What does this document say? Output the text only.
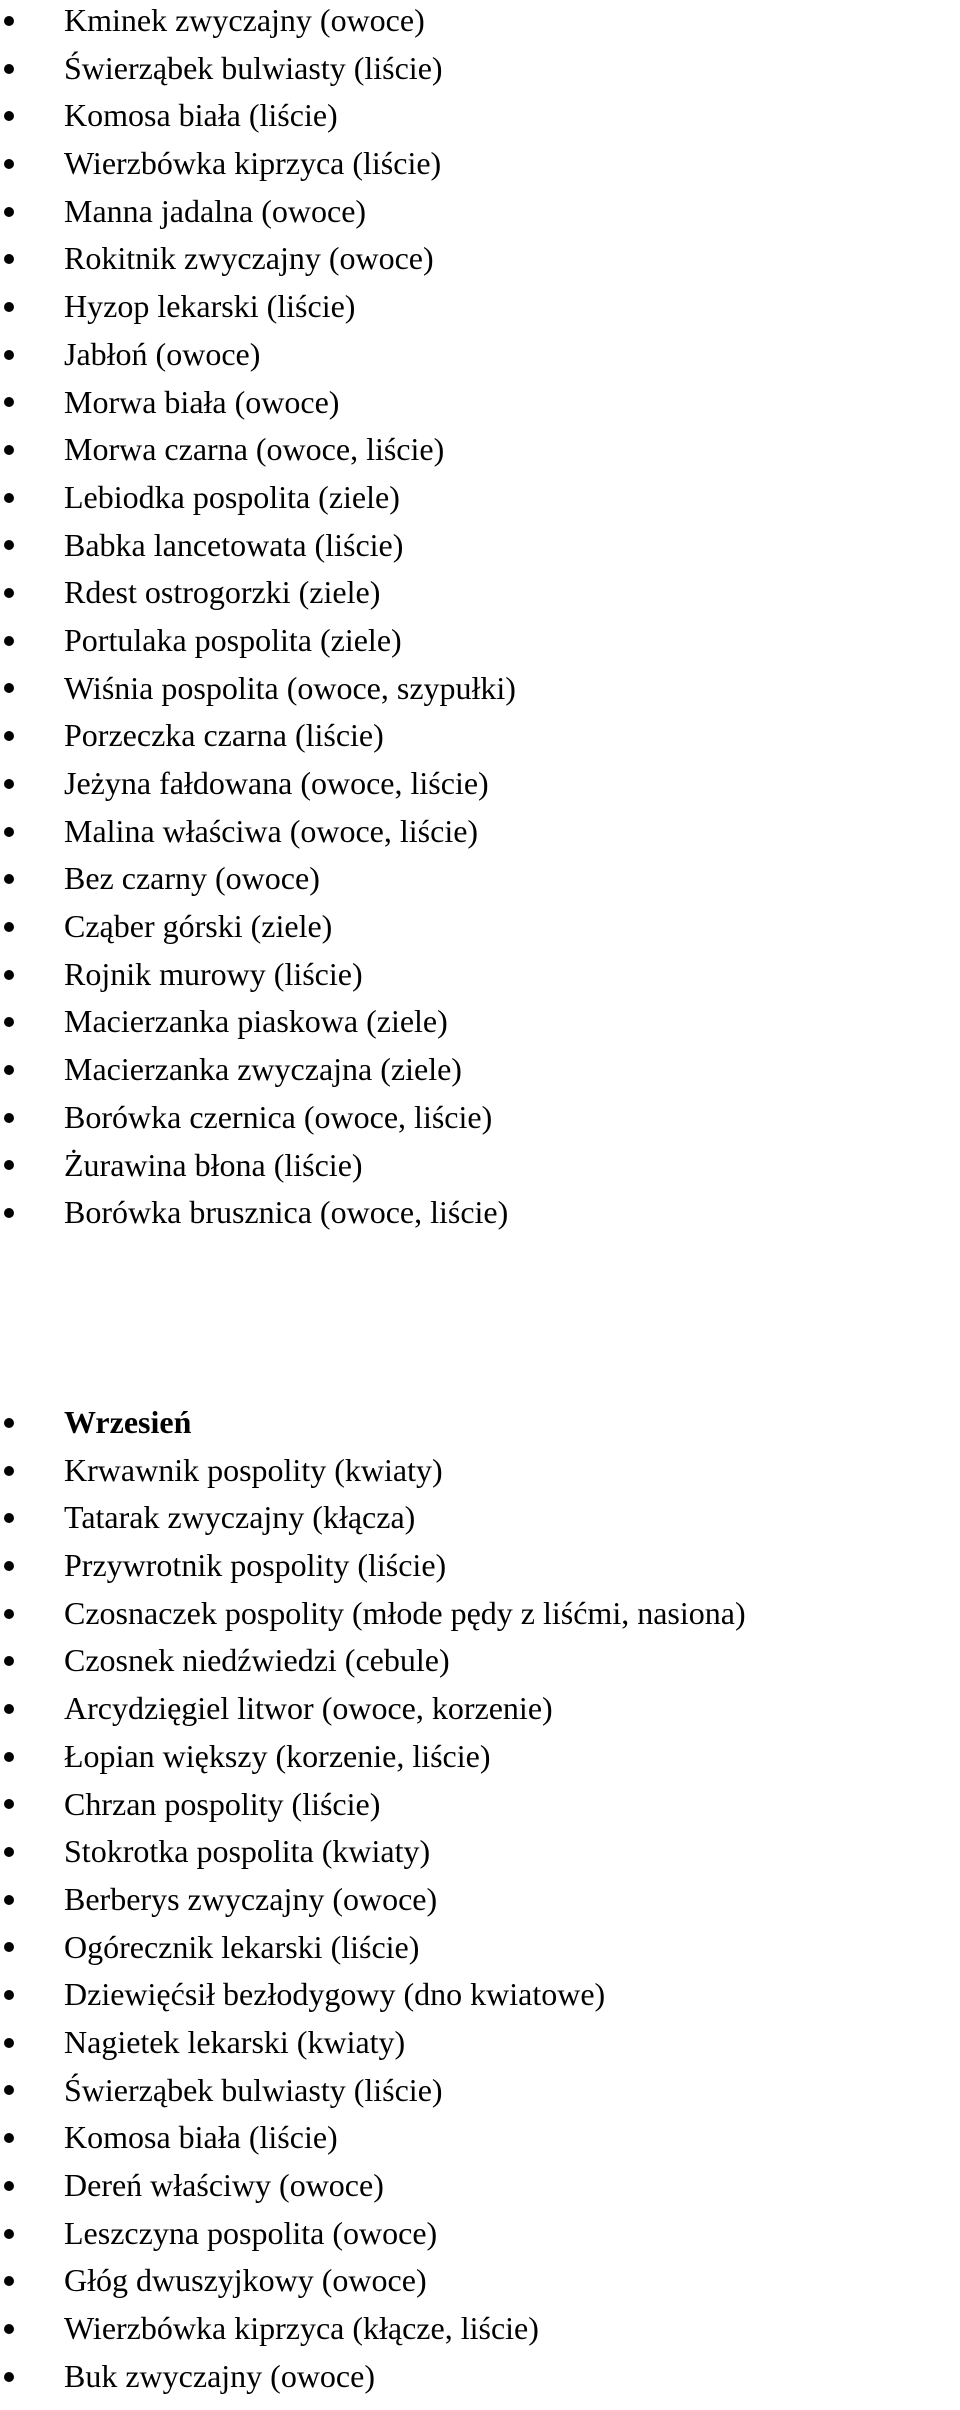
Kminek zwyczajny (owoce)
Świerząbek bulwiasty (liście)
Komosa biała (liście)
Wierzbówka kiprzyca (liście)
Manna jadalna (owoce)
Rokitnik zwyczajny (owoce)
Hyzop lekarski (liście)
Jabłoń (owoce)
Morwa biała (owoce)
Morwa czarna (owoce, liście)
Lebiodka pospolita (ziele)
Babka lancetowata (liście)
Rdest ostrogorzki (ziele)
Portulaka pospolita (ziele)
Wiśnia pospolita (owoce, szypułki)
Porzeczka czarna (liście)
Jeżyna fałdowana (owoce, liście)
Malina właściwa (owoce, liście)
Bez czarny (owoce)
Cząber górski (ziele)
Rojnik murowy (liście)
Macierzanka piaskowa (ziele)
Macierzanka zwyczajna (ziele)
Borówka czernica (owoce, liście)
Żurawina błona (liście)
Borówka brusznica (owoce, liście)
Wrzesień
Krwawnik pospolity (kwiaty)
Tatarak zwyczajny (kłącza)
Przywrotnik pospolity (liście)
Czosnaczek pospolity (młode pędy z liśćmi, nasiona)
Czosnek niedźwiedzi (cebule)
Arcydzięgiel litwor (owoce, korzenie)
Łopian większy (korzenie, liście)
Chrzan pospolity (liście)
Stokrotka pospolita (kwiaty)
Berberys zwyczajny (owoce)
Ogórecznik lekarski (liście)
Dziewięćsił bezłodygowy (dno kwiatowe)
Nagietek lekarski (kwiaty)
Świerząbek bulwiasty (liście)
Komosa biała (liście)
Dereń właściwy (owoce)
Leszczyna pospolita (owoce)
Głóg dwuszyjkowy (owoce)
Wierzbówka kiprzyca (kłącze, liście)
Buk zwyczajny (owoce)
